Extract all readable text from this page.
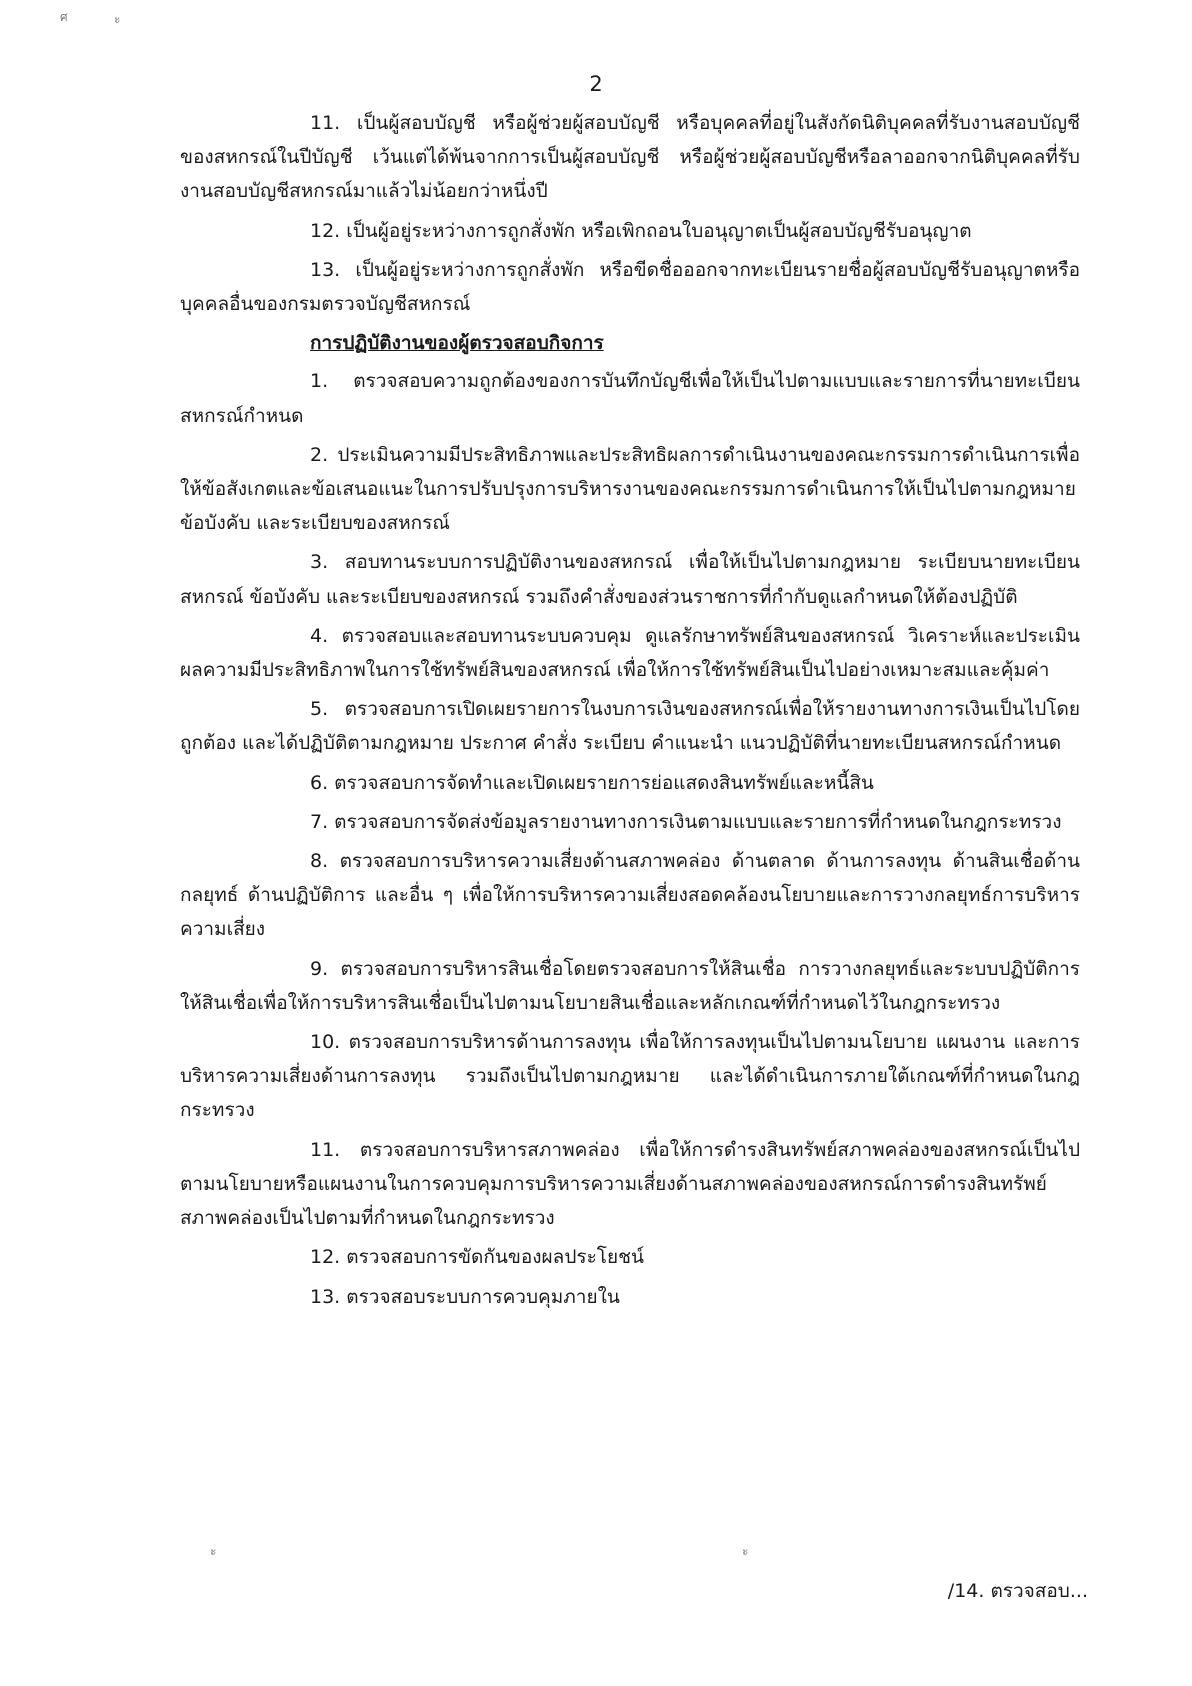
ศ	ะ
2

11. เป็นผู้สอบบัญชี หรือผู้ช่วยผู้สอบบัญชี หรือบุคคลที่อยู่ในสังกัดนิติบุคคลที่รับงานสอบบัญชีของสหกรณ์ในปีบัญชี เว้นแต่ได้พ้นจากการเป็นผู้สอบบัญชี หรือผู้ช่วยผู้สอบบัญชีหรือลาออกจากนิติบุคคลที่รับงานสอบบัญชีสหกรณ์มาแล้วไม่น้อยกว่าหนึ่งปี

12. เป็นผู้อยู่ระหว่างการถูกสั่งพัก หรือเพิกถอนใบอนุญาตเป็นผู้สอบบัญชีรับอนุญาต

13. เป็นผู้อยู่ระหว่างการถูกสั่งพัก หรือขีดชื่อออกจากทะเบียนรายชื่อผู้สอบบัญชีรับอนุญาตหรือบุคคลอื่นของกรมตรวจบัญชีสหกรณ์

การปฏิบัติงานของผู้ตรวจสอบกิจการ

1. ตรวจสอบความถูกต้องของการบันทึกบัญชีเพื่อให้เป็นไปตามแบบและรายการที่นายทะเบียนสหกรณ์กำหนด

2. ประเมินความมีประสิทธิภาพและประสิทธิผลการดำเนินงานของคณะกรรมการดำเนินการเพื่อให้ข้อสังเกตและข้อเสนอแนะในการปรับปรุงการบริหารงานของคณะกรรมการดำเนินการให้เป็นไปตามกฎหมาย ข้อบังคับ และระเบียบของสหกรณ์

3. สอบทานระบบการปฏิบัติงานของสหกรณ์ เพื่อให้เป็นไปตามกฎหมาย ระเบียบนายทะเบียนสหกรณ์ ข้อบังคับ และระเบียบของสหกรณ์ รวมถึงคำสั่งของส่วนราชการที่กำกับดูแลกำหนดให้ต้องปฏิบัติ

4. ตรวจสอบและสอบทานระบบควบคุม ดูแลรักษาทรัพย์สินของสหกรณ์ วิเคราะห์และประเมินผลความมีประสิทธิภาพในการใช้ทรัพย์สินของสหกรณ์ เพื่อให้การใช้ทรัพย์สินเป็นไปอย่างเหมาะสมและคุ้มค่า

5. ตรวจสอบการเปิดเผยรายการในงบการเงินของสหกรณ์เพื่อให้รายงานทางการเงินเป็นไปโดยถูกต้อง และได้ปฏิบัติตามกฎหมาย ประกาศ คำสั่ง ระเบียบ คำแนะนำ แนวปฏิบัติที่นายทะเบียนสหกรณ์กำหนด

6. ตรวจสอบการจัดทำและเปิดเผยรายการย่อแสดงสินทรัพย์และหนี้สิน

7. ตรวจสอบการจัดส่งข้อมูลรายงานทางการเงินตามแบบและรายการที่กำหนดในกฎกระทรวง

8. ตรวจสอบการบริหารความเสี่ยงด้านสภาพคล่อง ด้านตลาด ด้านการลงทุน ด้านสินเชื่อด้านกลยุทธ์ ด้านปฏิบัติการ และอื่น ๆ เพื่อให้การบริหารความเสี่ยงสอดคล้องนโยบายและการวางกลยุทธ์การบริหารความเสี่ยง

9. ตรวจสอบการบริหารสินเชื่อโดยตรวจสอบการให้สินเชื่อ การวางกลยุทธ์และระบบปฏิบัติการให้สินเชื่อเพื่อให้การบริหารสินเชื่อเป็นไปตามนโยบายสินเชื่อและหลักเกณฑ์ที่กำหนดไว้ในกฎกระทรวง

10. ตรวจสอบการบริหารด้านการลงทุน เพื่อให้การลงทุนเป็นไปตามนโยบาย แผนงาน และการบริหารความเสี่ยงด้านการลงทุน รวมถึงเป็นไปตามกฎหมาย และได้ดำเนินการภายใต้เกณฑ์ที่กำหนดในกฎกระทรวง

11. ตรวจสอบการบริหารสภาพคล่อง เพื่อให้การดำรงสินทรัพย์สภาพคล่องของสหกรณ์เป็นไปตามนโยบายหรือแผนงานในการควบคุมการบริหารความเสี่ยงด้านสภาพคล่องของสหกรณ์การดำรงสินทรัพย์สภาพคล่องเป็นไปตามที่กำหนดในกฎกระทรวง

12. ตรวจสอบการขัดกันของผลประโยชน์

13. ตรวจสอบระบบการควบคุมภายใน

ะ	ะ
/14. ตรวจสอบ...
